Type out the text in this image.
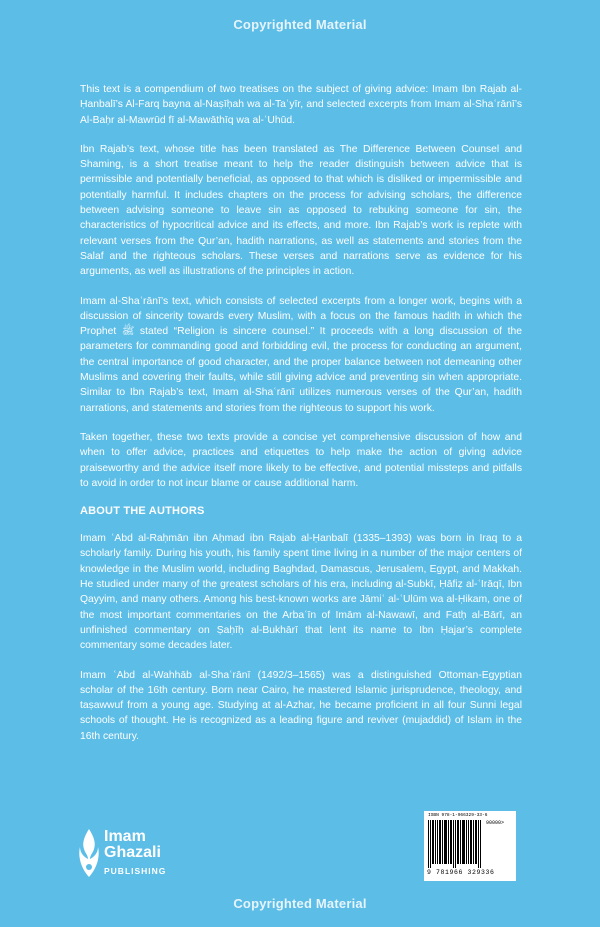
Copyrighted Material

This text is a compendium of two treatises on the subject of giving advice: Imam Ibn Rajab al-Ḥanbalī’s Al-Farq bayna al-Naṣīḥah wa al-Taʿyīr, and selected excerpts from Imam al-Shaʿrānī’s Al-Baḥr al-Mawrūd fī al-Mawāthīq wa al-ʿUhūd.

Ibn Rajab’s text, whose title has been translated as The Difference Between Counsel and Shaming, is a short treatise meant to help the reader distinguish between advice that is permissible and potentially beneficial, as opposed to that which is disliked or impermissible and potentially harmful. It includes chapters on the process for advising scholars, the difference between advising someone to leave sin as opposed to rebuking someone for sin, the characteristics of hypocritical advice and its effects, and more. Ibn Rajab’s work is replete with relevant verses from the Qur’an, hadith narrations, as well as statements and stories from the Salaf and the righteous scholars. These verses and narrations serve as evidence for his arguments, as well as illustrations of the principles in action.

Imam al-Shaʿrānī’s text, which consists of selected excerpts from a longer work, begins with a discussion of sincerity towards every Muslim, with a focus on the famous hadith in which the Prophet ﷺ stated “Religion is sincere counsel.” It proceeds with a long discussion of the parameters for commanding good and forbidding evil, the process for conducting an argument, the central importance of good character, and the proper balance between not demeaning other Muslims and covering their faults, while still giving advice and preventing sin when appropriate. Similar to Ibn Rajab’s text, Imam al-Shaʿrānī utilizes numerous verses of the Qur’an, hadith narrations, and statements and stories from the righteous to support his work.

Taken together, these two texts provide a concise yet comprehensive discussion of how and when to offer advice, practices and etiquettes to help make the action of giving advice praiseworthy and the advice itself more likely to be effective, and potential missteps and pitfalls to avoid in order to not incur blame or cause additional harm.

ABOUT THE AUTHORS

Imam ʿAbd al-Raḥmān ibn Aḥmad ibn Rajab al-Ḥanbalī (1335–1393) was born in Iraq to a scholarly family. During his youth, his family spent time living in a number of the major centers of knowledge in the Muslim world, including Baghdad, Damascus, Jerusalem, Egypt, and Makkah. He studied under many of the greatest scholars of his era, including al-Subkī, Ḥāfiẓ al-ʿIrāqī, Ibn Qayyim, and many others. Among his best-known works are Jāmiʿ al-ʿUlūm wa al-Ḥikam, one of the most important commentaries on the Arbaʿīn of Imām al-Nawawī, and Fatḥ al-Bārī, an unfinished commentary on Ṣaḥīḥ al-Bukhārī that lent its name to Ibn Ḥajar’s complete commentary some decades later.

Imam ʿAbd al-Wahhāb al-Shaʿrānī (1492/3–1565) was a distinguished Ottoman-Egyptian scholar of the 16th century. Born near Cairo, he mastered Islamic jurisprudence, theology, and taṣawwuf from a young age. Studying at al-Azhar, he became proficient in all four Sunni legal schools of thought. He is recognized as a leading figure and reviver (mujaddid) of Islam in the 16th century.

Imam
Ghazali
PUBLISHING
ISBN 978-1-966329-33-6
90000>
9 781966 329336
Copyrighted Material
